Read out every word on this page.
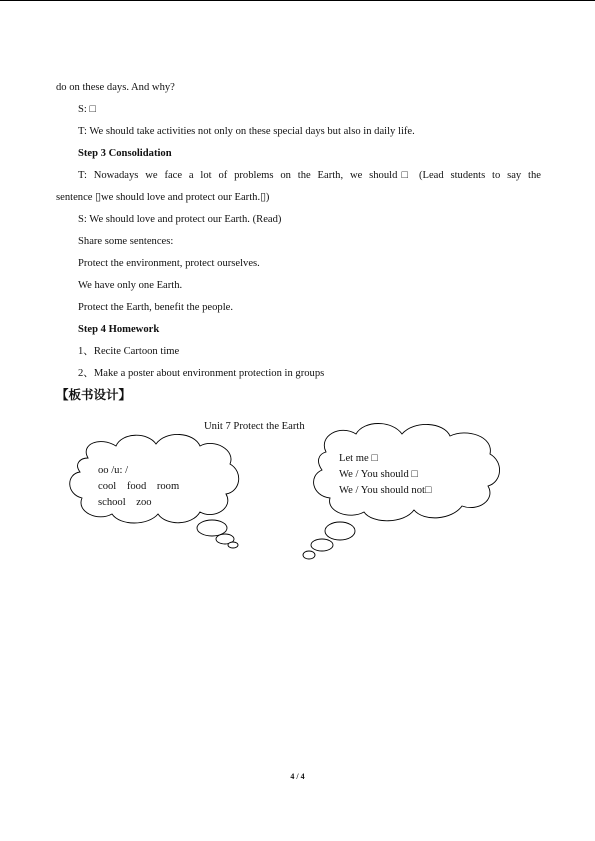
do on these days. And why?
S: □
T: We should take activities not only on these special days but also in daily life.
Step 3 Consolidation
T: Nowadays we face a lot of problems on the Earth, we should□ (Lead students to say the
sentence ▯we should love and protect our Earth.▯)
S: We should love and protect our Earth. (Read)
Share some sentences:
Protect the environment, protect ourselves.
We have only one Earth.
Protect the Earth, benefit the people.
Step 4 Homework
1、Recite Cartoon time
2、Make a poster about environment protection in groups
【板书设计】
Unit 7 Protect the Earth
oo /u: /
cool    food    room
school    zoo
Let me □
We / You should □
We / You should not□
4 / 4
